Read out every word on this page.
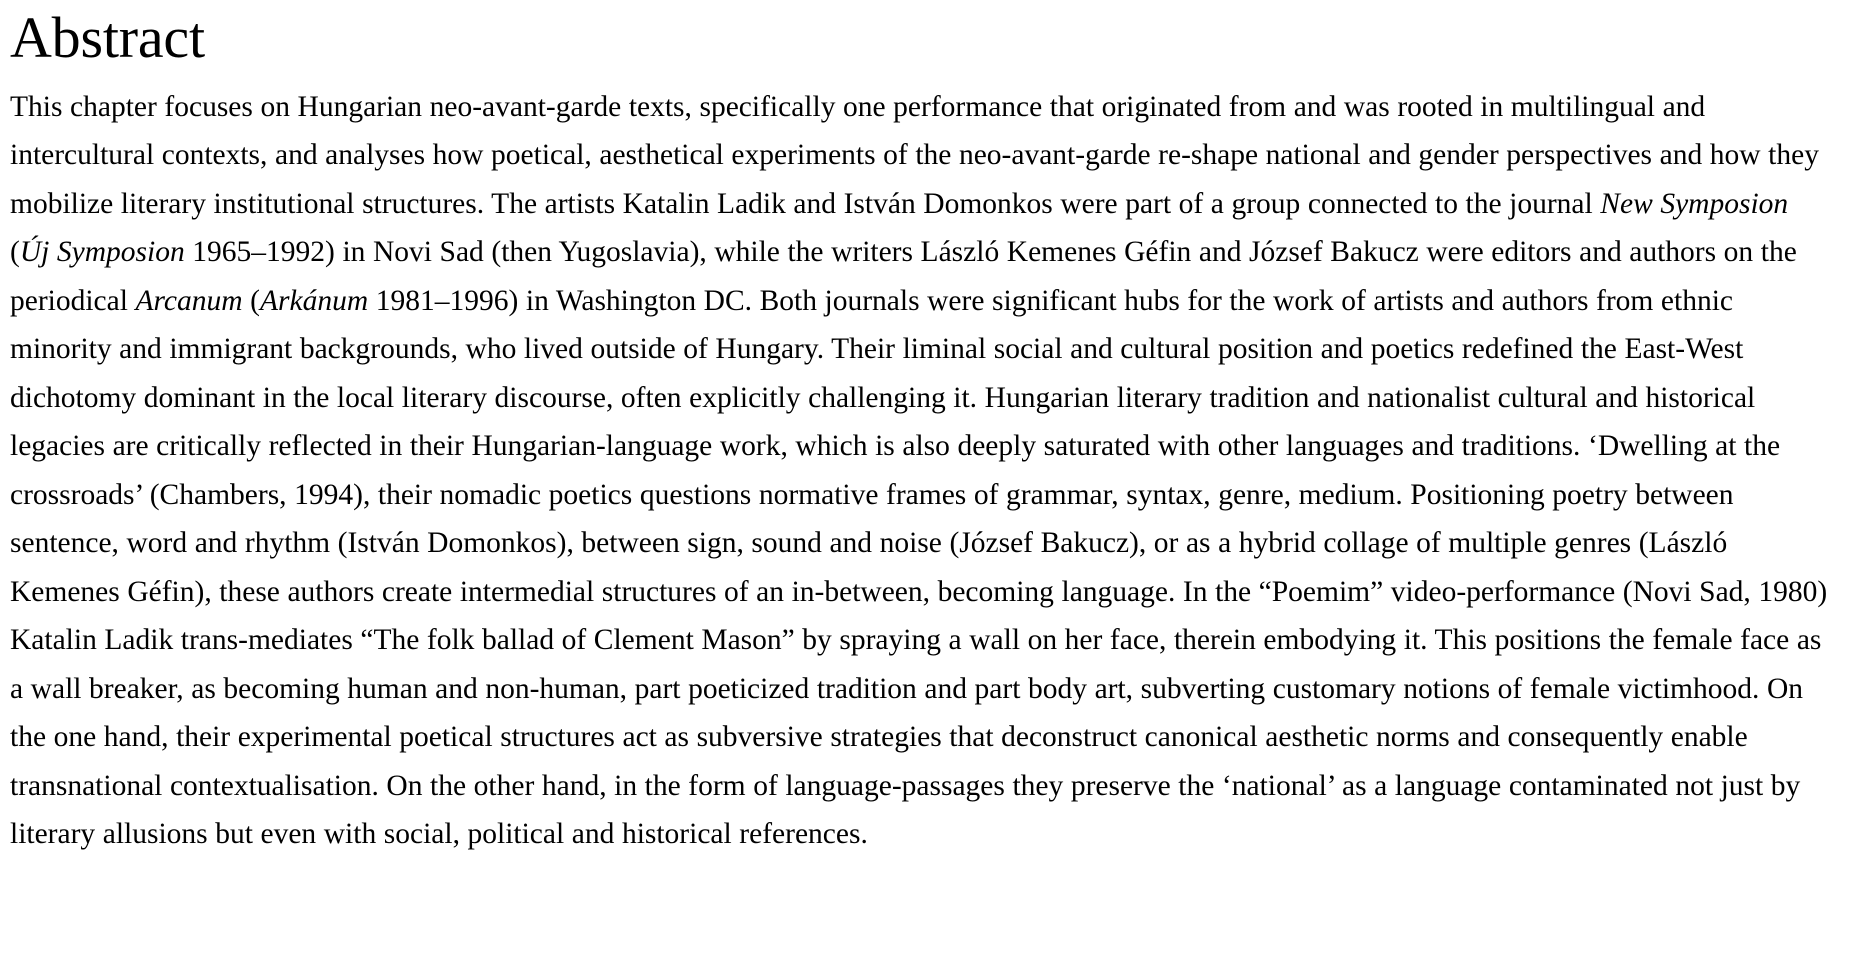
Abstract

This chapter focuses on Hungarian neo-avant-garde texts, specifically one performance that originated from and was rooted in multilingual and intercultural contexts, and analyses how poetical, aesthetical experiments of the neo-avant-garde re-shape national and gender perspectives and how they mobilize literary institutional structures. The artists Katalin Ladik and István Domonkos were part of a group connected to the journal New Symposion (Új Symposion 1965–1992) in Novi Sad (then Yugoslavia), while the writers László Kemenes Géfin and József Bakucz were editors and authors on the periodical Arcanum (Arkánum 1981–1996) in Washington DC. Both journals were significant hubs for the work of artists and authors from ethnic minority and immigrant backgrounds, who lived outside of Hungary. Their liminal social and cultural position and poetics redefined the East-West dichotomy dominant in the local literary discourse, often explicitly challenging it. Hungarian literary tradition and nationalist cultural and historical legacies are critically reflected in their Hungarian-language work, which is also deeply saturated with other languages and traditions. ‘Dwelling at the crossroads’ (Chambers, 1994), their nomadic poetics questions normative frames of grammar, syntax, genre, medium. Positioning poetry between sentence, word and rhythm (István Domonkos), between sign, sound and noise (József Bakucz), or as a hybrid collage of multiple genres (László Kemenes Géfin), these authors create intermedial structures of an in-between, becoming language. In the “Poemim” video-performance (Novi Sad, 1980) Katalin Ladik trans-mediates “The folk ballad of Clement Mason” by spraying a wall on her face, therein embodying it. This positions the female face as a wall breaker, as becoming human and non-human, part poeticized tradition and part body art, subverting customary notions of female victimhood. On the one hand, their experimental poetical structures act as subversive strategies that deconstruct canonical aesthetic norms and consequently enable transnational contextualisation. On the other hand, in the form of language-passages they preserve the ‘national’ as a language contaminated not just by literary allusions but even with social, political and historical references.
